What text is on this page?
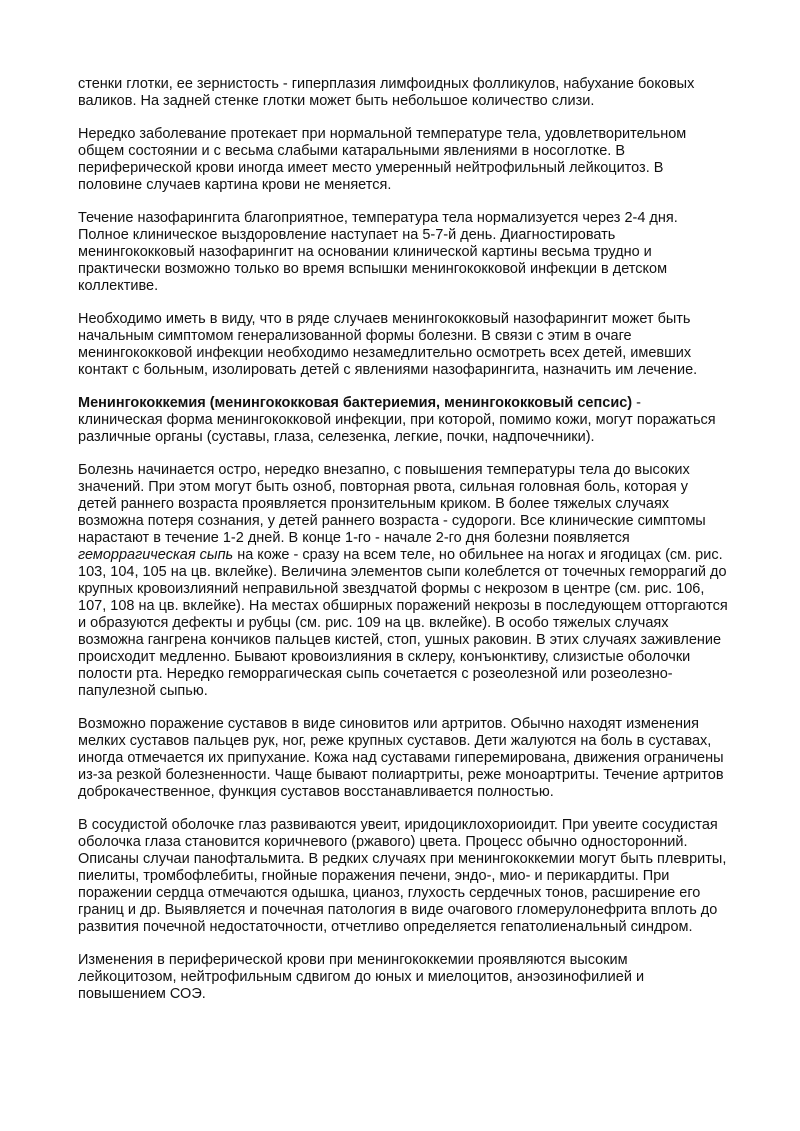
стенки глотки, ее зернистость - гиперплазия лимфоидных фолликулов, набухание боковых валиков. На задней стенке глотки может быть небольшое количество слизи.

Нередко заболевание протекает при нормальной температуре тела, удовлетворительном общем состоянии и с весьма слабыми катаральными явлениями в носоглотке. В периферической крови иногда имеет место умеренный нейтрофильный лейкоцитоз. В половине случаев картина крови не меняется.

Течение назофарингита благоприятное, температура тела нормализуется через 2-4 дня. Полное клиническое выздоровление наступает на 5-7-й день. Диагностировать менингококковый назофарингит на основании клинической картины весьма трудно и практически возможно только во время вспышки менингококковой инфекции в детском коллективе.

Необходимо иметь в виду, что в ряде случаев менингококковый назофарингит может быть начальным симптомом генерализованной формы болезни. В связи с этим в очаге менингококковой инфекции необходимо незамедлительно осмотреть всех детей, имевших контакт с больным, изолировать детей с явлениями назофарингита, назначить им лечение.

Менингококкемия (менингококковая бактериемия, менингококковый сепсис) - клиническая форма менингококковой инфекции, при которой, помимо кожи, могут поражаться различные органы (суставы, глаза, селезенка, легкие, почки, надпочечники).

Болезнь начинается остро, нередко внезапно, с повышения температуры тела до высоких значений. При этом могут быть озноб, повторная рвота, сильная головная боль, которая у детей раннего возраста проявляется пронзительным криком. В более тяжелых случаях возможна потеря сознания, у детей раннего возраста - судороги. Все клинические симптомы нарастают в течение 1-2 дней. В конце 1-го - начале 2-го дня болезни появляется геморрагическая сыпь на коже - сразу на всем теле, но обильнее на ногах и ягодицах (см. рис. 103, 104, 105 на цв. вклейке). Величина элементов сыпи колеблется от точечных геморрагий до крупных кровоизлияний неправильной звездчатой формы с некрозом в центре (см. рис. 106, 107, 108 на цв. вклейке). На местах обширных поражений некрозы в последующем отторгаются и образуются дефекты и рубцы (см. рис. 109 на цв. вклейке). В особо тяжелых случаях возможна гангрена кончиков пальцев кистей, стоп, ушных раковин. В этих случаях заживление происходит медленно. Бывают кровоизлияния в склеру, конъюнктиву, слизистые оболочки полости рта. Нередко геморрагическая сыпь сочетается с розеолезной или розеолезно-папулезной сыпью.

Возможно поражение суставов в виде синовитов или артритов. Обычно находят изменения мелких суставов пальцев рук, ног, реже крупных суставов. Дети жалуются на боль в суставах, иногда отмечается их припухание. Кожа над суставами гиперемирована, движения ограничены из-за резкой болезненности. Чаще бывают полиартриты, реже моноартриты. Течение артритов доброкачественное, функция суставов восстанавливается полностью.

В сосудистой оболочке глаз развиваются увеит, иридоциклохориоидит. При увеите сосудистая оболочка глаза становится коричневого (ржавого) цвета. Процесс обычно односторонний. Описаны случаи панофтальмита. В редких случаях при менингококкемии могут быть плевриты, пиелиты, тромбофлебиты, гнойные поражения печени, эндо-, мио- и перикардиты. При поражении сердца отмечаются одышка, цианоз, глухость сердечных тонов, расширение его границ и др. Выявляется и почечная патология в виде очагового гломерулонефрита вплоть до развития почечной недостаточности, отчетливо определяется гепатолиенальный синдром.

Изменения в периферической крови при менингококкемии проявляются высоким лейкоцитозом, нейтрофильным сдвигом до юных и миелоцитов, анэозинофилией и повышением СОЭ.
